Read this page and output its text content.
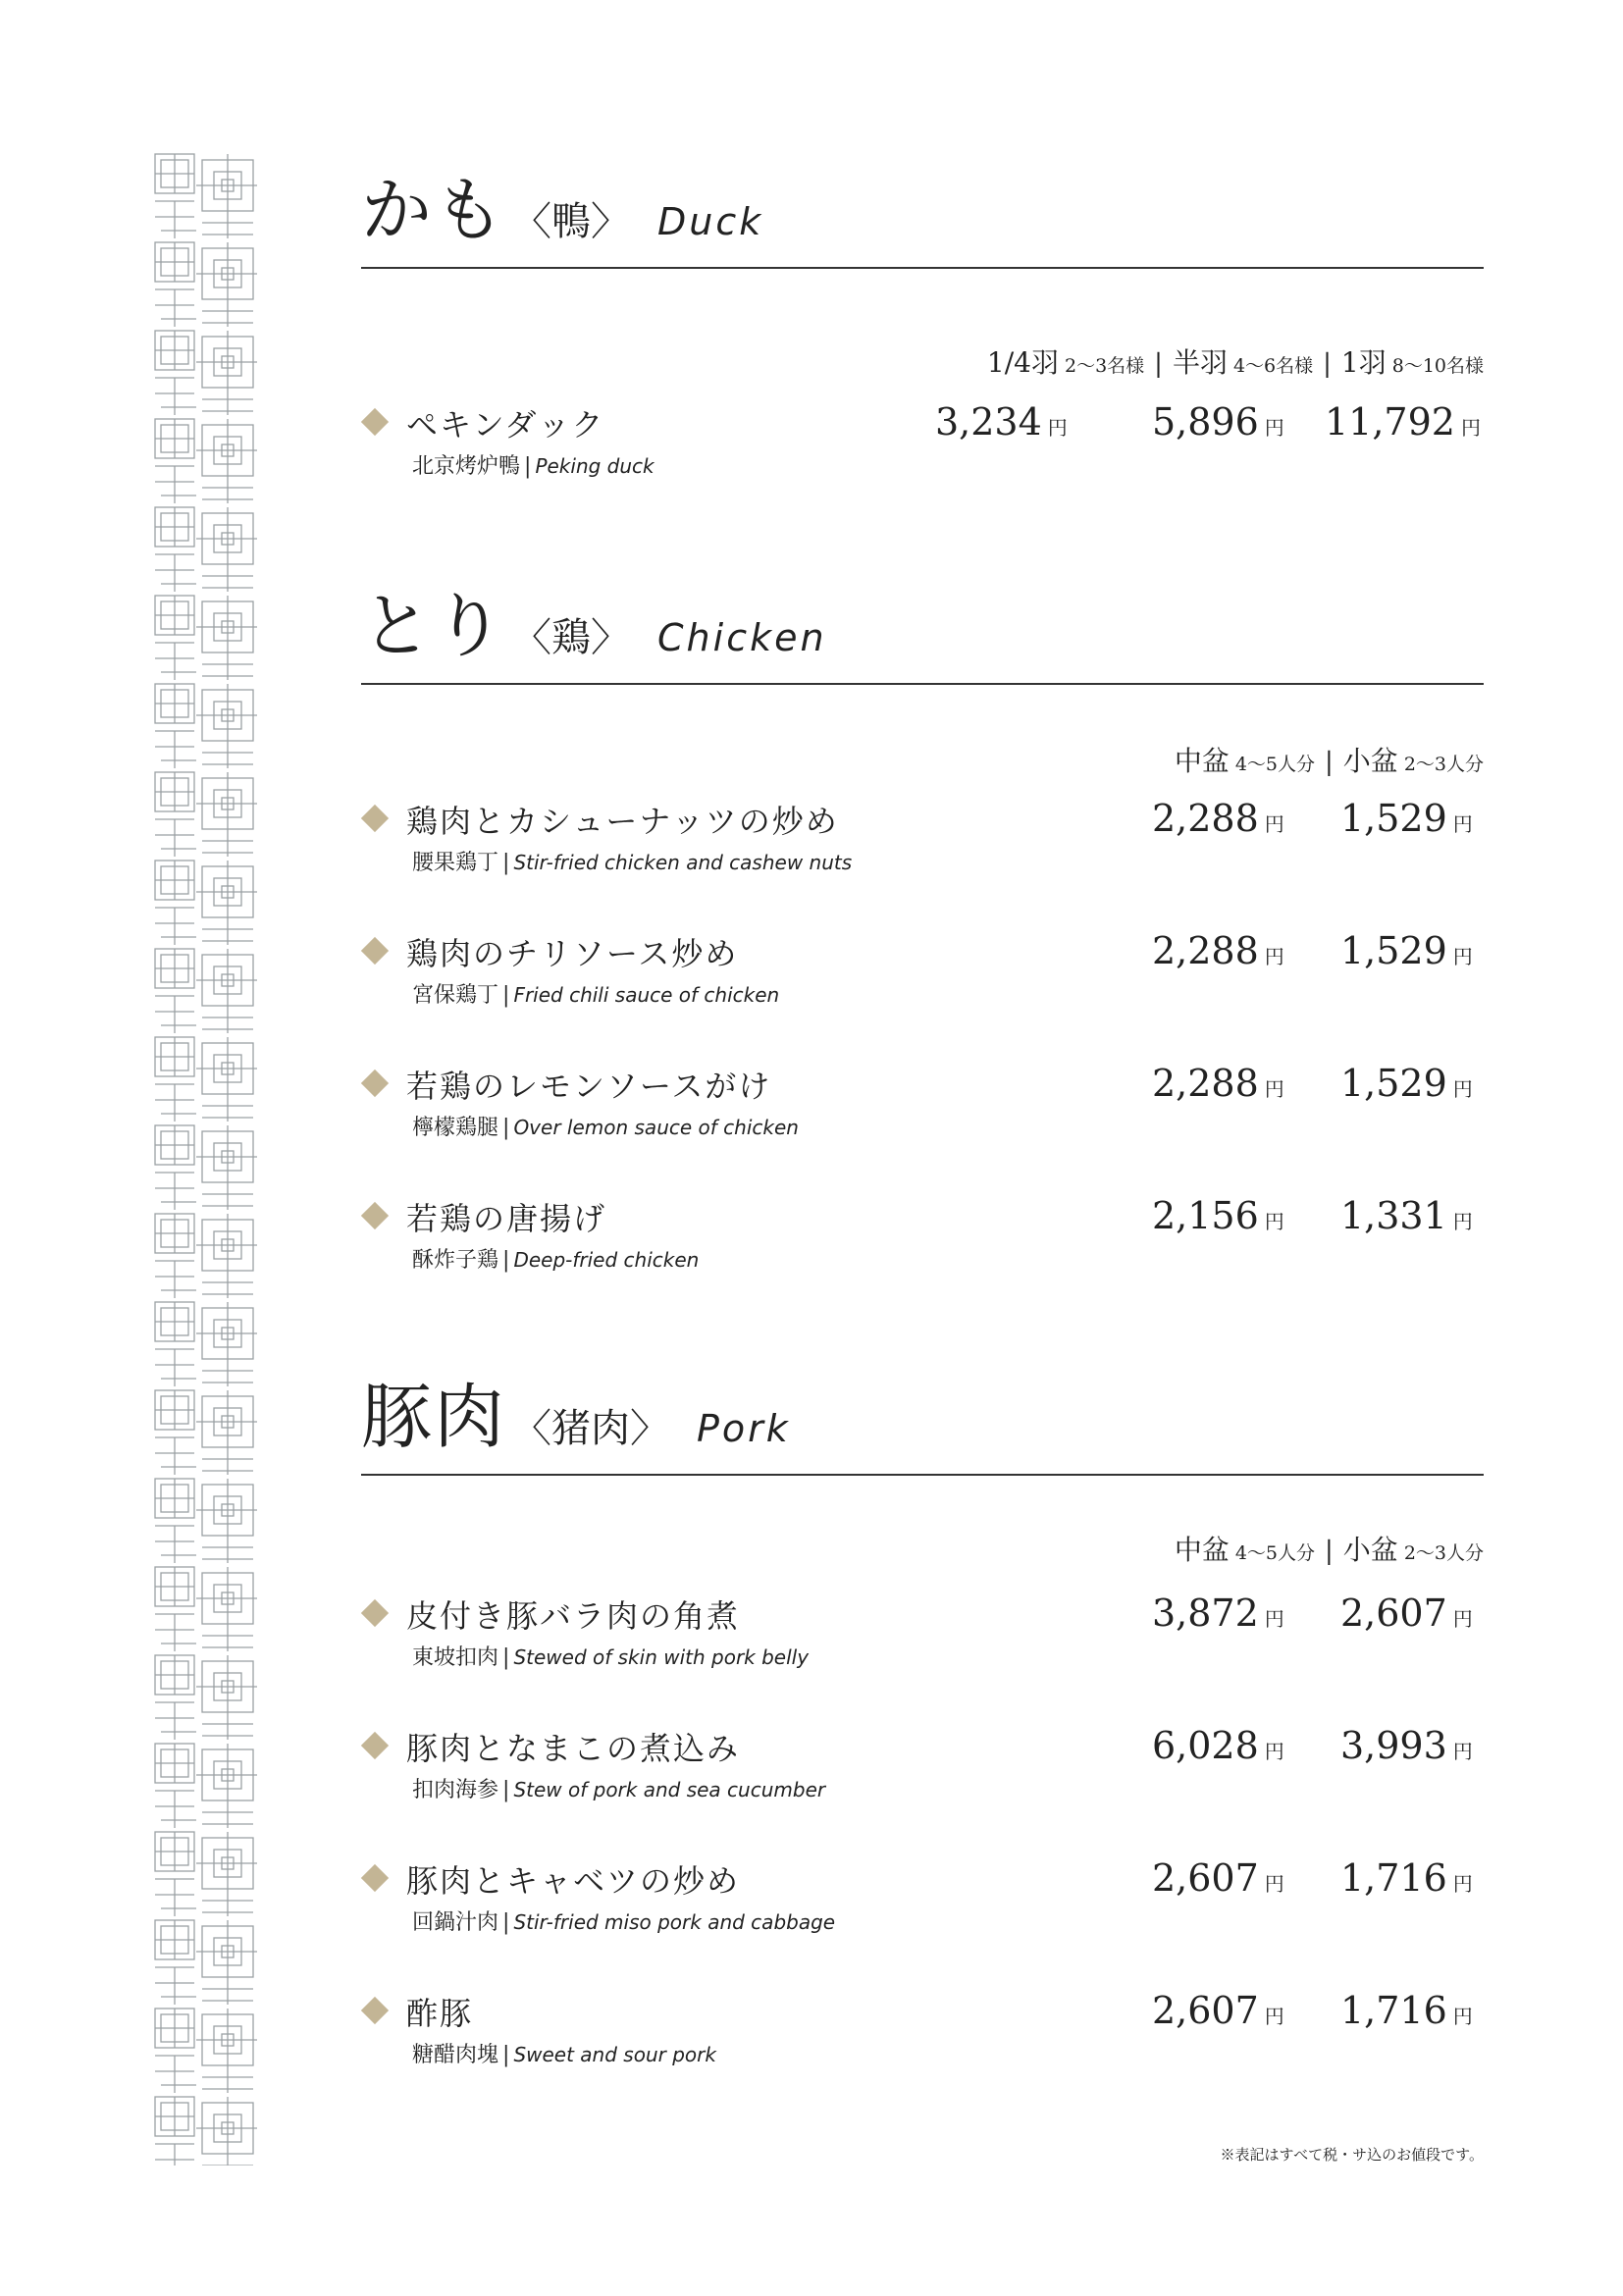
かも 〈鴨〉 Duck
1/4羽 2〜3名様 | 半羽 4〜6名様 | 1羽 8〜10名様
ペキンダック
北京烤炉鴨 | Peking duck
3,234 円 5,896 円 11,792 円
とり 〈鶏〉 Chicken
中盆 4〜5人分 | 小盆 2〜3人分
鶏肉とカシューナッツの炒め
腰果鶏丁 | Stir-fried chicken and cashew nuts
2,288 円 1,529 円
鶏肉のチリソース炒め
宮保鶏丁 | Fried chili sauce of chicken
2,288 円 1,529 円
若鶏のレモンソースがけ
檸檬鶏腿 | Over lemon sauce of chicken
2,288 円 1,529 円
若鶏の唐揚げ
酥炸子鶏 | Deep-fried chicken
2,156 円 1,331 円
豚肉 〈猪肉〉 Pork
中盆 4〜5人分 | 小盆 2〜3人分
皮付き豚バラ肉の角煮
東坡扣肉 | Stewed of skin with pork belly
3,872 円 2,607 円
豚肉となまこの煮込み
扣肉海参 | Stew of pork and sea cucumber
6,028 円 3,993 円
豚肉とキャベツの炒め
回鍋汁肉 | Stir-fried miso pork and cabbage
2,607 円 1,716 円
酢豚
糖醋肉塊 | Sweet and sour pork
2,607 円 1,716 円
※表記はすべて税・サ込のお値段です。
